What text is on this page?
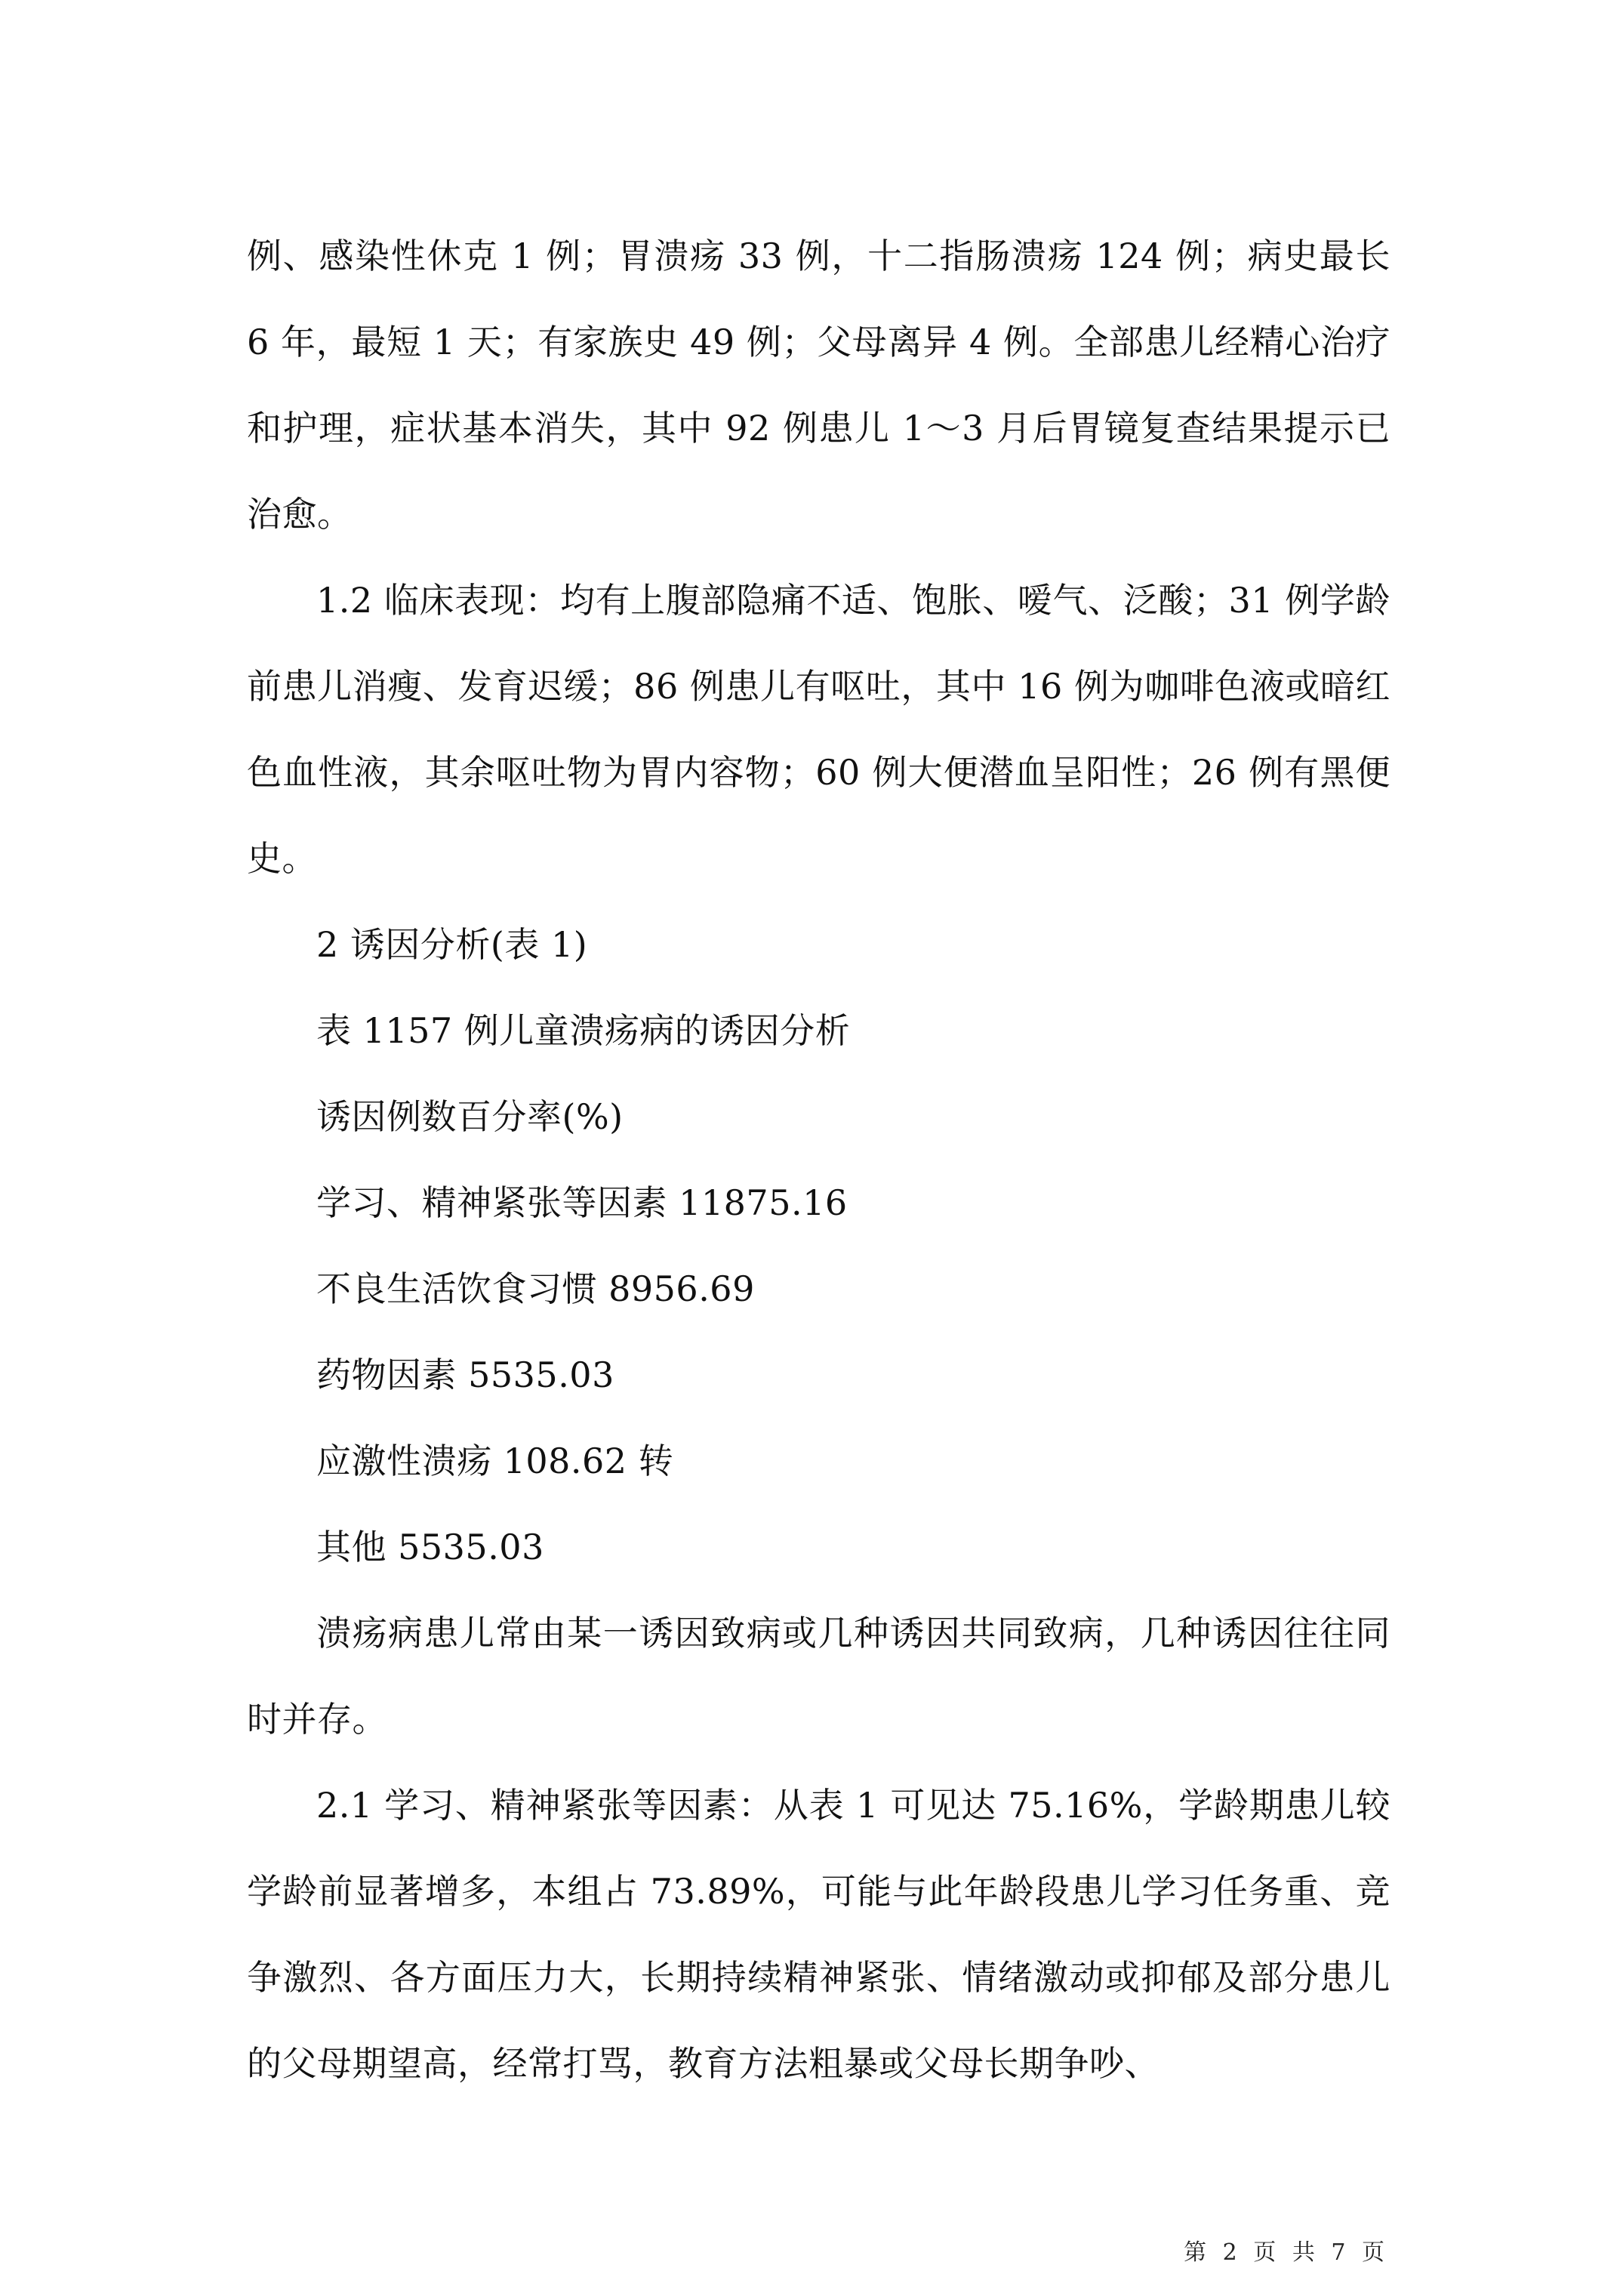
例、感染性休克 1 例；胃溃疡 33 例，十二指肠溃疡 124 例；病史最长 6 年，最短 1 天；有家族史 49 例；父母离异 4 例。全部患儿经精心治疗和护理，症状基本消失，其中 92 例患儿 1～3 月后胃镜复查结果提示已治愈。

1.2 临床表现：均有上腹部隐痛不适、饱胀、嗳气、泛酸；31 例学龄前患儿消瘦、发育迟缓；86 例患儿有呕吐，其中 16 例为咖啡色液或暗红色血性液，其余呕吐物为胃内容物；60 例大便潜血呈阳性；26 例有黑便史。

2 诱因分析(表 1)

表 1157 例儿童溃疡病的诱因分析

诱因例数百分率(%)

学习、精神紧张等因素 11875.16

不良生活饮食习惯 8956.69

药物因素 5535.03

应激性溃疡 108.62 转

其他 5535.03

溃疡病患儿常由某一诱因致病或几种诱因共同致病，几种诱因往往同时并存。

2.1 学习、精神紧张等因素：从表 1 可见达 75.16%，学龄期患儿较学龄前显著增多，本组占 73.89%，可能与此年龄段患儿学习任务重、竞争激烈、各方面压力大，长期持续精神紧张、情绪激动或抑郁及部分患儿的父母期望高，经常打骂，教育方法粗暴或父母长期争吵、

第 2 页 共 7 页
